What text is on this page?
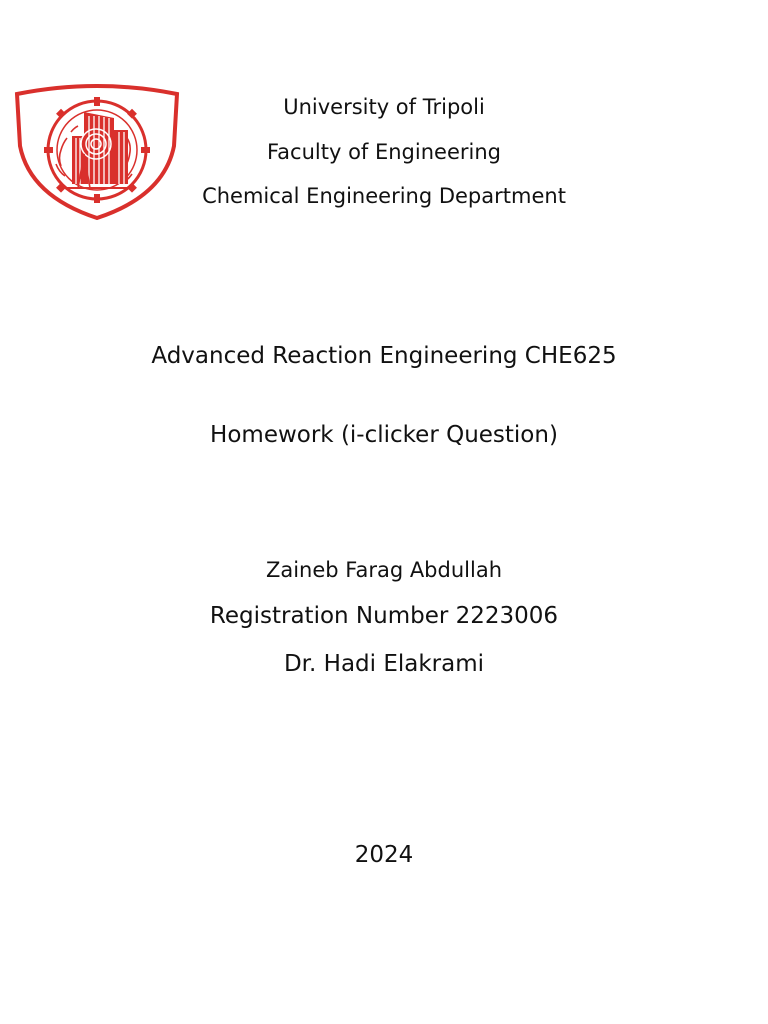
University of Tripoli
Faculty of Engineering
Chemical Engineering Department
Advanced Reaction Engineering CHE625
Homework (i-clicker Question)
Zaineb Farag Abdullah
Registration Number 2223006
Dr. Hadi Elakrami
2024
